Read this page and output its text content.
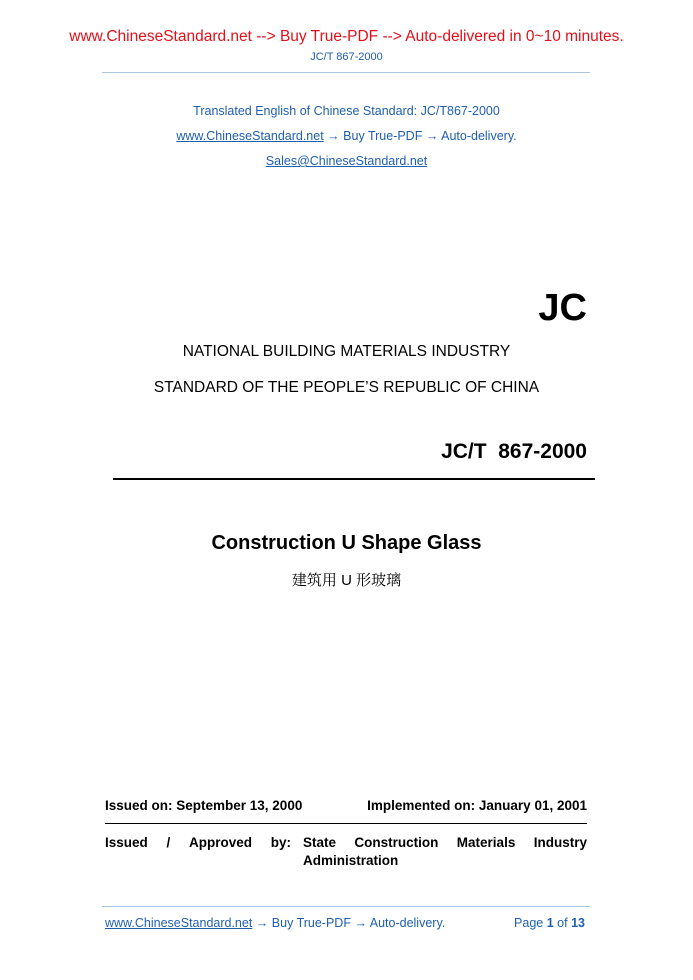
www.ChineseStandard.net --> Buy True-PDF --> Auto-delivered in 0~10 minutes.
JC/T 867-2000
Translated English of Chinese Standard: JC/T867-2000
www.ChineseStandard.net → Buy True-PDF → Auto-delivery.
Sales@ChineseStandard.net
JC
NATIONAL BUILDING MATERIALS INDUSTRY
STANDARD OF THE PEOPLE’S REPUBLIC OF CHINA
JC/T  867-2000
Construction U Shape Glass
建筑用 U 形玻璃
Issued on: September 13, 2000	Implemented on: January 01, 2001
Issued / Approved by: State Construction Materials Industry
Administration
www.ChineseStandard.net → Buy True-PDF → Auto-delivery.	Page 1 of 13
